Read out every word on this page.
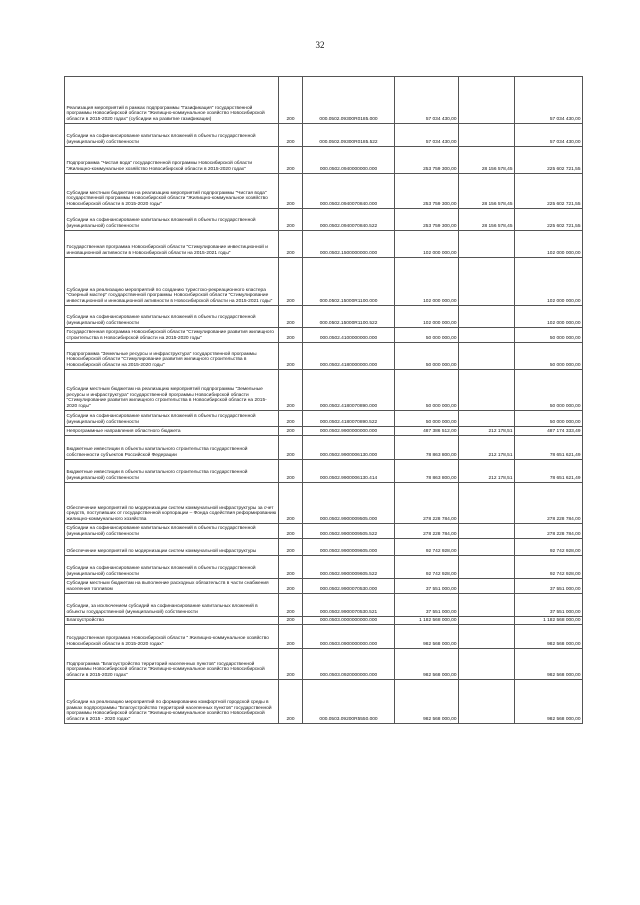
32
Реализация мероприятий в рамках подпрограммы "Газификация" государственной программы Новосибирской области "Жилищно-коммунальное хозяйство Новосибирской области в 2015-2020 годах" (субсидии на развитие газификации)	200	000.0502.09300R0185.000	57 034 430,00		57 034 430,00
Субсидии на софинансирование капитальных вложений в объекты государственной (муниципальной) собственности	200	000.0502.09300R0185.522	57 034 430,00		57 034 430,00
Подпрограмма "Чистая вода" государственной программы Новосибирской области "Жилищно-коммунальное хозяйство Новосибирской области в 2015-2020 годах"	200	000.0502.0940000000.000	253 759 300,00	28 156 578,45	225 602 721,55
Субсидии местным бюджетам на реализацию мероприятий подпрограммы "Чистая вода" государственной программы Новосибирской области "Жилищно-коммунальное хозяйство Новосибирской области в 2015-2020 годы"	200	000.0502.0940070840.000	253 759 300,00	28 156 578,45	225 602 721,55
Субсидии на софинансирование капитальных вложений в объекты государственной (муниципальной) собственности	200	000.0502.0940070840.522	253 759 300,00	28 156 578,45	225 602 721,55
Государственная программа Новосибирской области "Стимулирование инвестиционной и инновационной активности в Новосибирской области на 2015-2021 годы"	200	000.0502.1500000000.000	102 000 000,00		102 000 000,00
Субсидии на реализацию мероприятий по созданию туристско-рекреационного кластера "Озерный мастер" государственной программы Новосибирской области "Стимулирование инвестиционной и инновационной активности в Новосибирской области на 2015-2021 годы"	200	000.0502.15000R1100.000	102 000 000,00		102 000 000,00
Субсидии на софинансирование капитальных вложений в объекты государственной (муниципальной) собственности	200	000.0502.15000R1100.522	102 000 000,00		102 000 000,00
Государственная программа Новосибирской области "Стимулирование развития жилищного строительства в Новосибирской области на 2015-2020 годы"	200	000.0502.4100000000.000	50 000 000,00		50 000 000,00
Подпрограмма "Земельные ресурсы и инфраструктура" государственной программы Новосибирской области "Стимулирование развития жилищного строительства в Новосибирской области на 2015-2020 годы"	200	000.0502.4180000000.000	50 000 000,00		50 000 000,00
Субсидии местным бюджетам на реализацию мероприятий подпрограммы "Земельные ресурсы и инфраструктура" государственной программы Новосибирской области "Стимулирование развития жилищного строительства в Новосибирской области на 2015-2020 годы"	200	000.0502.4180070890.000	50 000 000,00		50 000 000,00
Субсидии на софинансирование капитальных вложений в объекты государственной (муниципальной) собственности	200	000.0502.4180070890.522	50 000 000,00		50 000 000,00
Непрограммные направления областного бюджета	200	000.0502.9900000000.000	487 386 512,00	212 178,51	487 174 333,49
Бюджетные инвестиции в объекты капитального строительства государственной собственности субъектов Российской Федерации	200	000.0502.9900006130.000	78 863 800,00	212 178,51	78 651 621,49
Бюджетные инвестиции в объекты капитального строительства государственной (муниципальной) собственности	200	000.0502.9900006130.414	78 863 800,00	212 178,51	78 651 621,49
Обеспечение мероприятий по модернизации систем коммунальной инфраструктуры за счет средств, поступивших от государственной корпорации – Фонда содействия реформированию жилищно-коммунального хозяйства	200	000.0502.9900009505.000	278 228 784,00		278 228 784,00
Субсидии на софинансирование капитальных вложений в объекты государственной (муниципальной) собственности	200	000.0502.9900009505.522	278 228 784,00		278 228 784,00
Обеспечение мероприятий по модернизации систем коммунальной инфраструктуры	200	000.0502.9900009605.000	92 742 928,00		92 742 928,00
Субсидии на софинансирование капитальных вложений в объекты государственной (муниципальной) собственности	200	000.0502.9900009605.522	92 742 928,00		92 742 928,00
Субсидии местным бюджетам на выполнение расходных обязательств в части снабжения населения топливом	200	000.0502.9900070530.000	37 551 000,00		37 551 000,00
Субсидии, за исключением субсидий на софинансирование капитальных вложений в объекты государственной (муниципальной) собственности	200	000.0502.9900070530.521	37 551 000,00		37 551 000,00
Благоустройство	200	000.0503.0000000000.000	1 182 568 000,00		1 182 568 000,00
Государственная программа Новосибирской области " Жилищно-коммунальное хозяйство Новосибирской области в 2015-2020 годах"	200	000.0503.0900000000.000	982 568 000,00		982 568 000,00
Подпрограмма "Благоустройство территорий населенных пунктов" государственной программы Новосибирской области "Жилищно-коммунальное хозяйство Новосибирской области в 2015-2020 годах"	200	000.0503.0920000000.000	982 568 000,00		982 568 000,00
Субсидии на реализацию мероприятий по формированию комфортной городской среды в рамках подпрограммы "Благоустройство территорий населенных пунктов" государственной программы Новосибирской области "Жилищно-коммунальное хозяйство Новосибирской области в 2015 - 2020 годах"	200	000.0503.09200R5550.000	982 568 000,00		982 568 000,00
